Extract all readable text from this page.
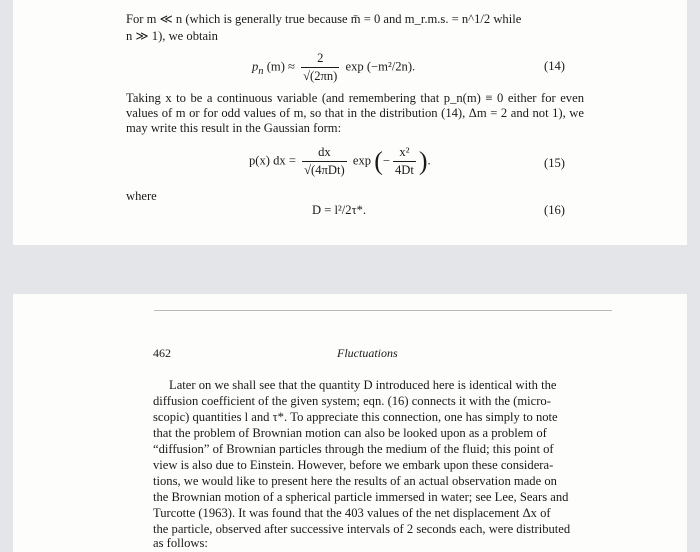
For m ≪ n (which is generally true because m̄ = 0 and m_r.m.s. = n^1/2 while
n ≫ 1), we obtain
$p_n$ $(m) \approx \frac{2}{√(2\pi n)}$ exp (−m²/2n).	(14)
Taking x to be a continuous variable (and remembering that p_n(m) ≡ 0 either for even values of m or for odd values of m, so that in the distribution (14), Δm = 2 and not 1), we may write this result in the Gaussian form:
p(x) dx = $\frac{dx}{\text{√(4πDt)}}$ exp (− $\frac{\text{x²}}{4Dt}$ ).	(15)
where
D = l²/2τ*.	(16)
462	Fluctuations
Later on we shall see that the quantity D introduced here is identical with the
diffusion coefficient of the given system; eqn. (16) connects it with the (micro-
scopic) quantities l and τ*. To appreciate this connection, one has simply to note
that the problem of Brownian motion can also be looked upon as a problem of
“diffusion” of Brownian particles through the medium of the fluid; this point of
view is also due to Einstein. However, before we embark upon these considera-
tions, we would like to present here the results of an actual observation made on
the Brownian motion of a spherical particle immersed in water; see Lee, Sears and
Turcotte (1963). It was found that the 403 values of the net displacement Δx of
the particle, observed after successive intervals of 2 seconds each, were distributed
as follows:
